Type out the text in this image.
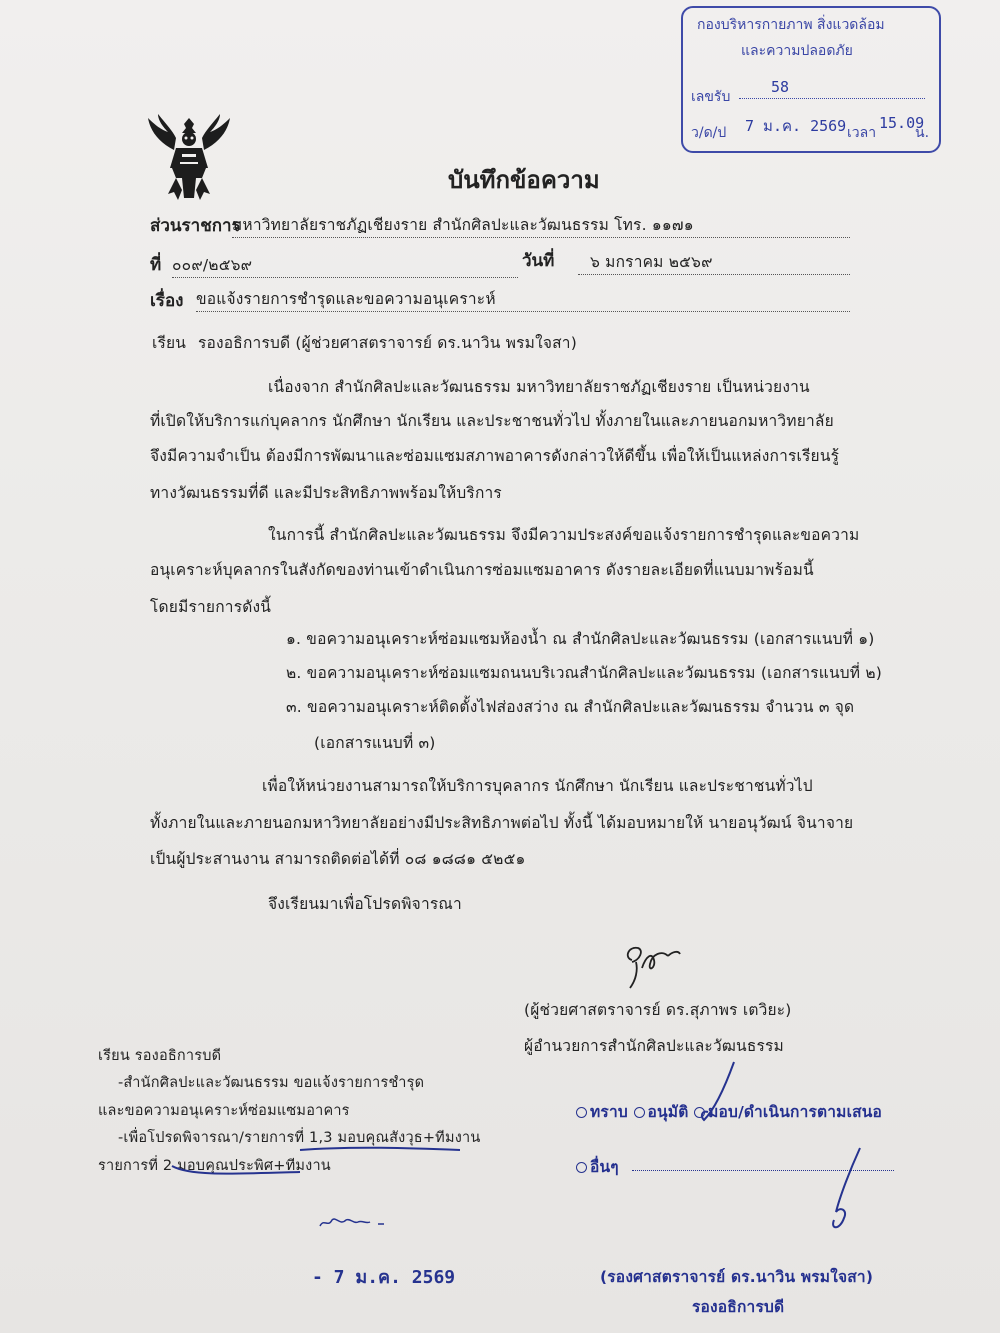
กองบริหารกายภาพ สิ่งแวดล้อม
และความปลอดภัย
เลขรับ
58
ว/ด/ป 7 ม.ค. 2569 เวลา
15.09
น.
บันทึกข้อความ
ส่วนราชการ
มหาวิทยาลัยราชภัฏเชียงราย สำนักศิลปะและวัฒนธรรม โทร. ๑๑๗๑
ที่ ๐๐๙/๒๕๖๙	วันที่	๖ มกราคม ๒๕๖๙
เรื่อง ขอแจ้งรายการชำรุดและขอความอนุเคราะห์
เรียน รองอธิการบดี (ผู้ช่วยศาสตราจารย์ ดร.นาวิน พรมใจสา)
เนื่องจาก สำนักศิลปะและวัฒนธรรม มหาวิทยาลัยราชภัฏเชียงราย เป็นหน่วยงาน
ที่เปิดให้บริการแก่บุคลากร นักศึกษา นักเรียน และประชาชนทั่วไป ทั้งภายในและภายนอกมหาวิทยาลัย
จึงมีความจำเป็น ต้องมีการพัฒนาและซ่อมแซมสภาพอาคารดังกล่าวให้ดีขึ้น เพื่อให้เป็นแหล่งการเรียนรู้
ทางวัฒนธรรมที่ดี และมีประสิทธิภาพพร้อมให้บริการ
ในการนี้ สำนักศิลปะและวัฒนธรรม จึงมีความประสงค์ขอแจ้งรายการชำรุดและขอความ
อนุเคราะห์บุคลากรในสังกัดของท่านเข้าดำเนินการซ่อมแซมอาคาร ดังรายละเอียดที่แนบมาพร้อมนี้
โดยมีรายการดังนี้
๑. ขอความอนุเคราะห์ซ่อมแซมห้องน้ำ ณ สำนักศิลปะและวัฒนธรรม (เอกสารแนบที่ ๑)
๒. ขอความอนุเคราะห์ซ่อมแซมถนนบริเวณสำนักศิลปะและวัฒนธรรม (เอกสารแนบที่ ๒)
๓. ขอความอนุเคราะห์ติดตั้งไฟส่องสว่าง ณ สำนักศิลปะและวัฒนธรรม จำนวน ๓ จุด
(เอกสารแนบที่ ๓)
เพื่อให้หน่วยงานสามารถให้บริการบุคลากร นักศึกษา นักเรียน และประชาชนทั่วไป
ทั้งภายในและภายนอกมหาวิทยาลัยอย่างมีประสิทธิภาพต่อไป ทั้งนี้ ได้มอบหมายให้ นายอนุวัฒน์ จินาจาย
เป็นผู้ประสานงาน สามารถติดต่อได้ที่ ๐๘ ๑๘๘๑ ๕๒๕๑
จึงเรียนมาเพื่อโปรดพิจารณา
(ผู้ช่วยศาสตราจารย์ ดร.สุภาพร เตวิยะ)
ผู้อำนวยการสำนักศิลปะและวัฒนธรรม
เรียน รองอธิการบดี
-สำนักศิลปะและวัฒนธรรม ขอแจ้งรายการชำรุด
และขอความอนุเคราะห์ซ่อมแซมอาคาร
-เพื่อโปรดพิจารณา/รายการที่ 1,3 มอบคุณสังวุธ+ทีมงาน
รายการที่ 2 มอบคุณประพิศ+ทีมงาน
- 7 ม.ค. 2569
ทราบ อนุมัติ มอบ/ดำเนินการตามเสนอ
อื่นๆ
(รองศาสตราจารย์ ดร.นาวิน พรมใจสา)
รองอธิการบดี
